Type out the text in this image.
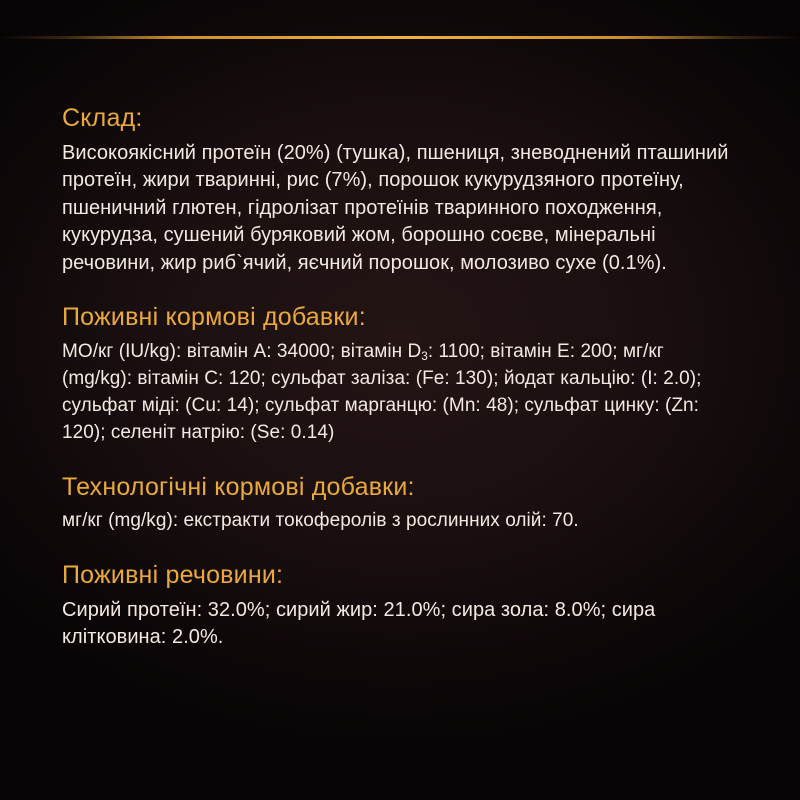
Склад:

Високоякісний протеїн (20%) (тушка), пшениця, зневоднений пташиний протеїн, жири тваринні, рис (7%), порошок кукурудзяного протеїну, пшеничний глютен, гідролізат протеїнів тваринного походження, кукурудза, сушений буряковий жом, борошно соєве, мінеральні речовини, жир риб`ячий, яєчний порошок, молозиво сухе (0.1%).

Поживні кормові добавки:

МО/кг (IU/kg): вітамін A: 34000; вітамін $D_3$: 1100; вітамін E: 200; мг/кг (mg/kg): вітамін C: 120; сульфат заліза: (Fe: 130); йодат кальцію: (I: 2.0); сульфат міді: (Cu: 14); сульфат марганцю: (Mn: 48); сульфат цинку: (Zn: 120); селеніт натрію: (Se: 0.14)

Технологічні кормові добавки:

мг/кг (mg/kg): екстракти токоферолів з рослинних олій: 70.

Поживні речовини:

Сирий протеїн: 32.0%; сирий жир: 21.0%; сира зола: 8.0%; сира клітковина: 2.0%.
